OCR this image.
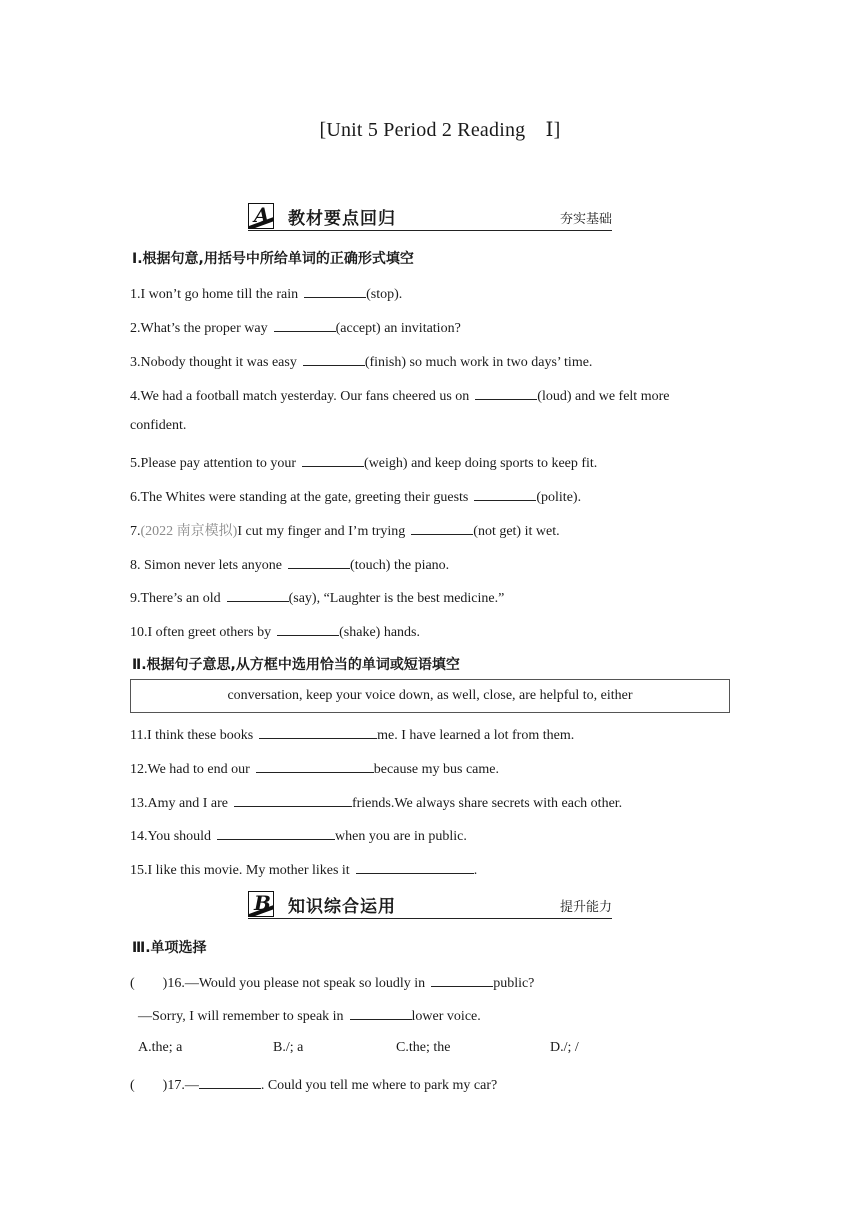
[Unit 5 Period 2 Reading　Ⅰ]
A 教材要点回归	夯实基础
Ⅰ.根据句意,用括号中所给单词的正确形式填空
1.I won’t go home till the rain	(stop).
2.What’s the proper way	(accept) an invitation?
3.Nobody thought it was easy	(finish) so much work in two days’ time.
4.We had a football match yesterday. Our fans cheered us on	(loud) and we felt more
confident.
5.Please pay attention to your	(weigh) and keep doing sports to keep fit.
6.The Whites were standing at the gate, greeting their guests	(polite).
7.(2022 南京模拟)I cut my finger and I’m trying	(not get) it wet.
8. Simon never lets anyone	(touch) the piano.
9.There’s an old	(say), “Laughter is the best medicine.”
10.I often greet others by	(shake) hands.
Ⅱ.根据句子意思,从方框中选用恰当的单词或短语填空
conversation, keep your voice down, as well, close, are helpful to, either
11.I think these books	me. I have learned a lot from them.
12.We had to end our	because my bus came.
13.Amy and I are	friends.We always share secrets with each other.
14.You should	when you are in public.
15.I like this movie. My mother likes it	.
B 知识综合运用	提升能力
Ⅲ.单项选择
(　　)16.—Would you please not speak so loudly in	public?
—Sorry, I will remember to speak in	lower voice.
A.the; a	B./; a	C.the; the	D./; /
(　　)17.—	. Could you tell me where to park my car?
